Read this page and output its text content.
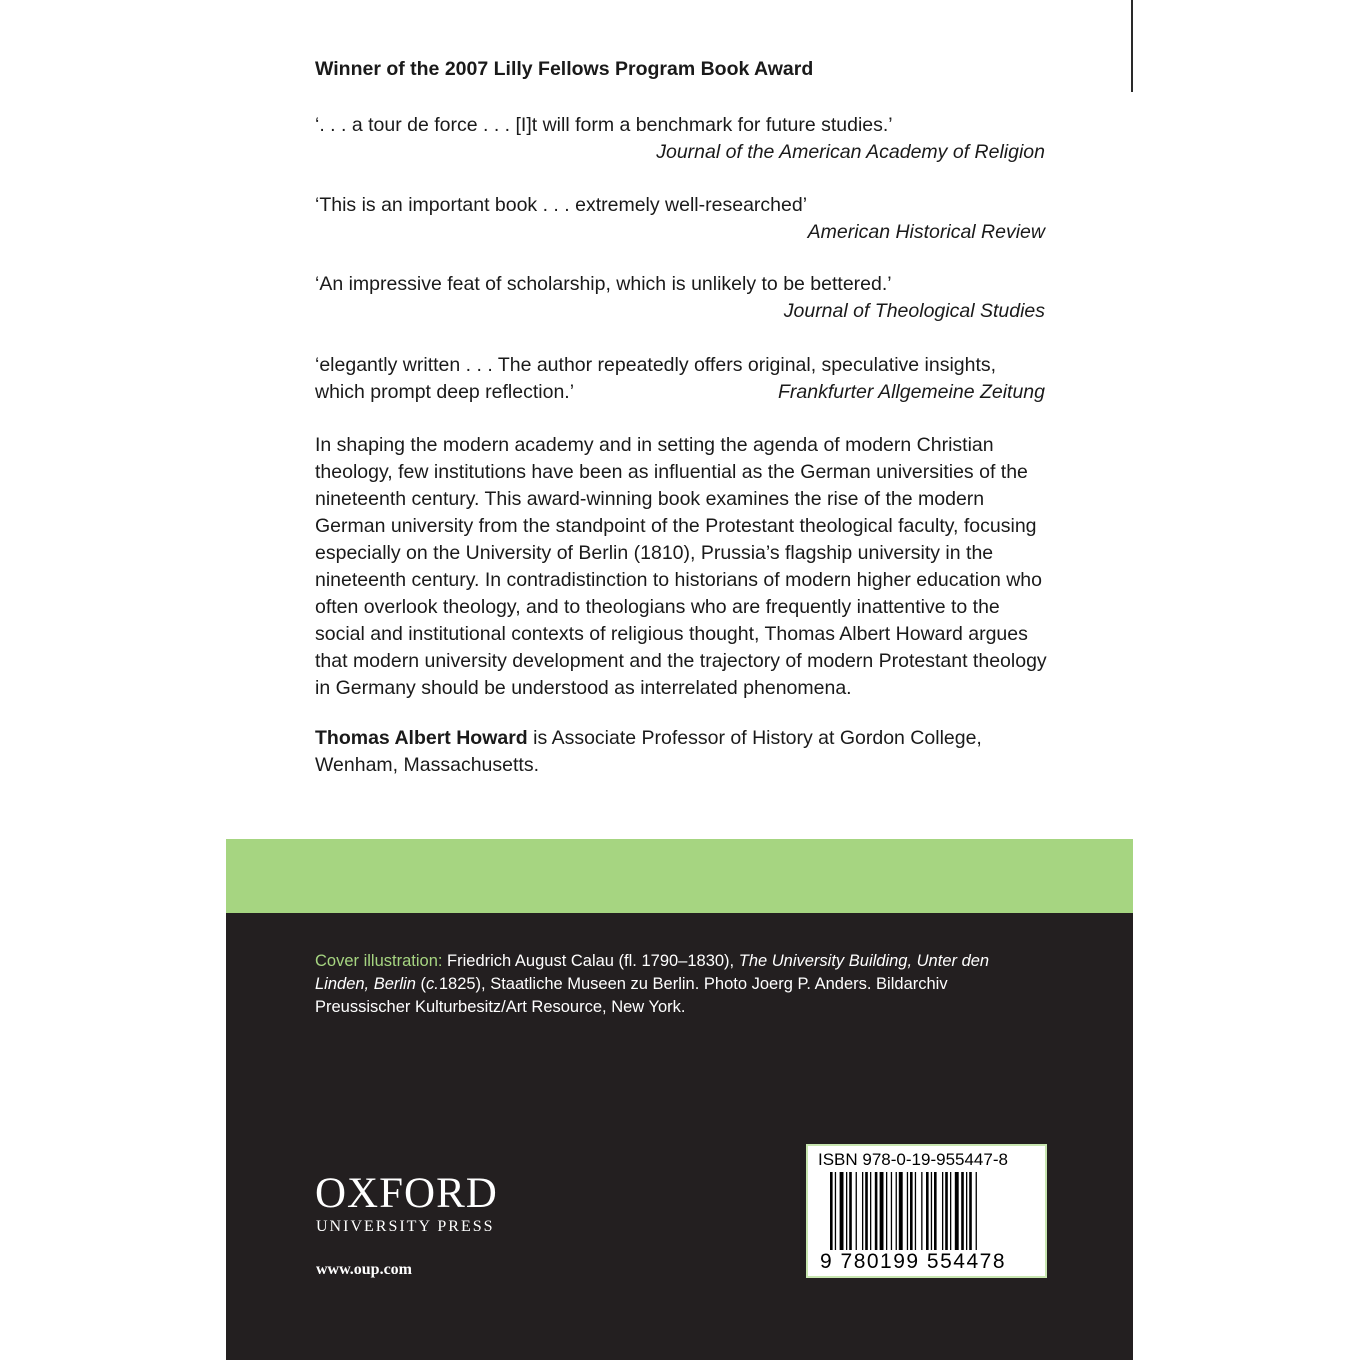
Winner of the 2007 Lilly Fellows Program Book Award
‘. . . a tour de force . . . [I]t will form a benchmark for future studies.’
Journal of the American Academy of Religion
‘This is an important book . . . extremely well-researched’
American Historical Review
‘An impressive feat of scholarship, which is unlikely to be bettered.’
Journal of Theological Studies
‘elegantly written . . . The author repeatedly offers original, speculative insights,
which prompt deep reflection.’	Frankfurter Allgemeine Zeitung
In shaping the modern academy and in setting the agenda of modern Christian theology, few institutions have been as influential as the German universities of the nineteenth century. This award-winning book examines the rise of the modern German university from the standpoint of the Protestant theological faculty, focusing especially on the University of Berlin (1810), Prussia’s flagship university in the nineteenth century. In contradistinction to historians of modern higher education who often overlook theology, and to theologians who are frequently inattentive to the social and institutional contexts of religious thought, Thomas Albert Howard argues that modern university development and the trajectory of modern Protestant theology in Germany should be understood as interrelated phenomena.
Thomas Albert Howard is Associate Professor of History at Gordon College, Wenham, Massachusetts.
Cover illustration: Friedrich August Calau (fl. 1790–1830), The University Building, Unter den Linden, Berlin (c.1825), Staatliche Museen zu Berlin. Photo Joerg P. Anders. Bildarchiv Preussischer Kulturbesitz/Art Resource, New York.
OXFORD
UNIVERSITY PRESS
www.oup.com
ISBN 978-0-19-955447-8
9 780199 554478
